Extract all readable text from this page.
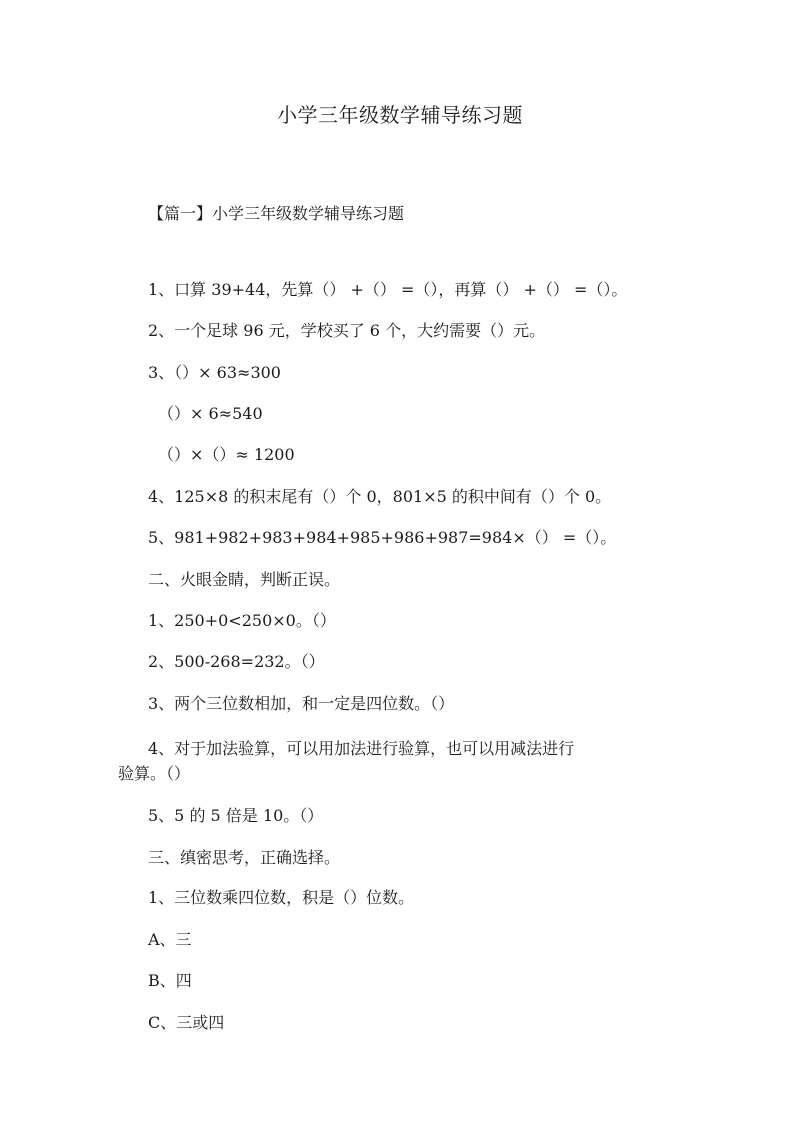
小学三年级数学辅导练习题
【篇一】小学三年级数学辅导练习题
1、口算 39+44，先算（） +（） =（），再算（） +（） =（）。
2、一个足球 96 元，学校买了 6 个，大约需要（）元。
3、（）× 63≈300
（）× 6≈540
（）×（）≈ 1200
4、125×8 的积末尾有（）个 0，801×5 的积中间有（）个 0。
5、981+982+983+984+985+986+987=984×（） =（）。
二、火眼金睛，判断正误。
1、250+0<250×0。（）
2、500-268=232。（）
3、两个三位数相加，和一定是四位数。（）
4、对于加法验算，可以用加法进行验算，也可以用减法进行
验算。（）
5、5 的 5 倍是 10。（）
三、缜密思考，正确选择。
1、三位数乘四位数，积是（）位数。
A、三
B、四
C、三或四
